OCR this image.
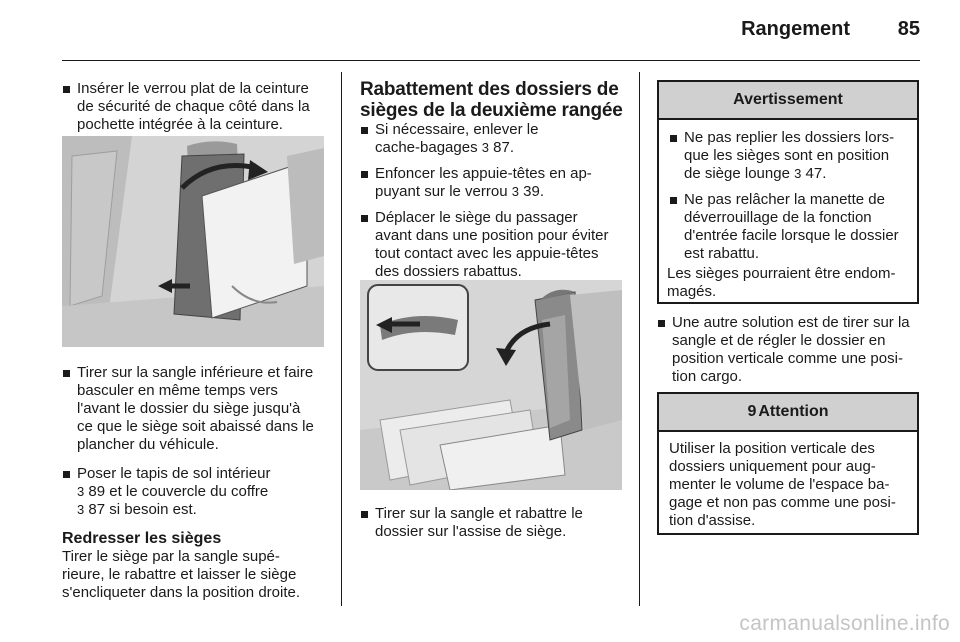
Rangement	85
Insérer le verrou plat de la ceinture
de sécurité de chaque côté dans la
pochette intégrée à la ceinture.
Tirer sur la sangle inférieure et faire
basculer en même temps vers
l'avant le dossier du siège jusqu'à
ce que le siège soit abaissé dans le
plancher du véhicule.
Poser le tapis de sol intérieur
3 89 et le couvercle du coffre
3 87 si besoin est.
Redresser les sièges
Tirer le siège par la sangle supé-
rieure, le rabattre et laisser le siège
s'encliqueter dans la position droite.
Rabattement des dossiers de
sièges de la deuxième rangée
Si nécessaire, enlever le
cache-bagages 3 87.
Enfoncer les appuie-têtes en ap-
puyant sur le verrou 3 39.
Déplacer le siège du passager
avant dans une position pour éviter
tout contact avec les appuie-têtes
des dossiers rabattus.
Tirer sur la sangle et rabattre le
dossier sur l'assise de siège.
Avertissement
Ne pas replier les dossiers lors-
que les sièges sont en position
de siège lounge 3 47.
Ne pas relâcher la manette de
déverrouillage de la fonction
d'entrée facile lorsque le dossier
est rabattu.
Les sièges pourraient être endom-
magés.
Une autre solution est de tirer sur la
sangle et de régler le dossier en
position verticale comme une posi-
tion cargo.
9 Attention
Utiliser la position verticale des
dossiers uniquement pour aug-
menter le volume de l'espace ba-
gage et non pas comme une posi-
tion d'assise.
carmanualsonline.info
